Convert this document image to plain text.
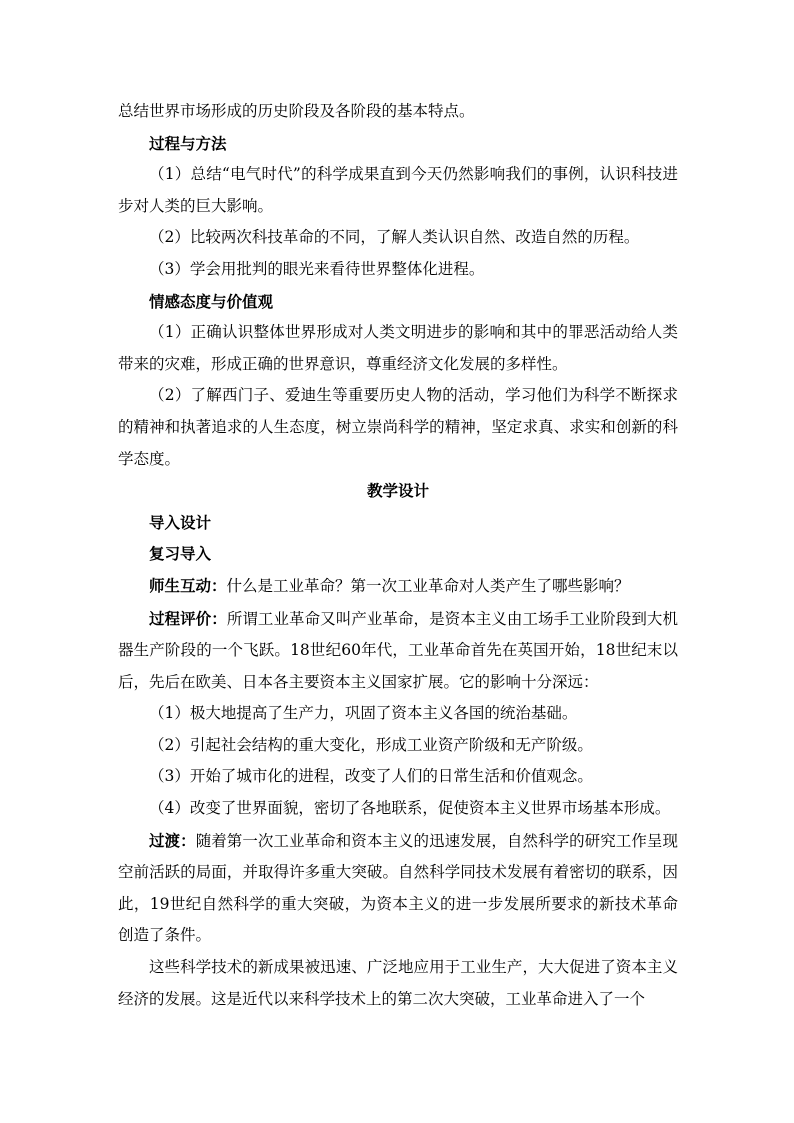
总结世界市场形成的历史阶段及各阶段的基本特点。

过程与方法

（1）总结“电气时代”的科学成果直到今天仍然影响我们的事例，认识科技进步对人类的巨大影响。

（2）比较两次科技革命的不同，了解人类认识自然、改造自然的历程。

（3）学会用批判的眼光来看待世界整体化进程。

情感态度与价值观

（1）正确认识整体世界形成对人类文明进步的影响和其中的罪恶活动给人类带来的灾难，形成正确的世界意识，尊重经济文化发展的多样性。

（2）了解西门子、爱迪生等重要历史人物的活动，学习他们为科学不断探求的精神和执著追求的人生态度，树立崇尚科学的精神，坚定求真、求实和创新的科学态度。

教学设计

导入设计

复习导入

师生互动：什么是工业革命？第一次工业革命对人类产生了哪些影响？

过程评价：所谓工业革命又叫产业革命，是资本主义由工场手工业阶段到大机器生产阶段的一个飞跃。18世纪60年代，工业革命首先在英国开始，18世纪末以后，先后在欧美、日本各主要资本主义国家扩展。它的影响十分深远：

（1）极大地提高了生产力，巩固了资本主义各国的统治基础。

（2）引起社会结构的重大变化，形成工业资产阶级和无产阶级。

（3）开始了城市化的进程，改变了人们的日常生活和价值观念。

（4）改变了世界面貌，密切了各地联系，促使资本主义世界市场基本形成。

过渡：随着第一次工业革命和资本主义的迅速发展，自然科学的研究工作呈现空前活跃的局面，并取得许多重大突破。自然科学同技术发展有着密切的联系，因此，19世纪自然科学的重大突破，为资本主义的进一步发展所要求的新技术革命创造了条件。

这些科学技术的新成果被迅速、广泛地应用于工业生产，大大促进了资本主义经济的发展。这是近代以来科学技术上的第二次大突破，工业革命进入了一个
